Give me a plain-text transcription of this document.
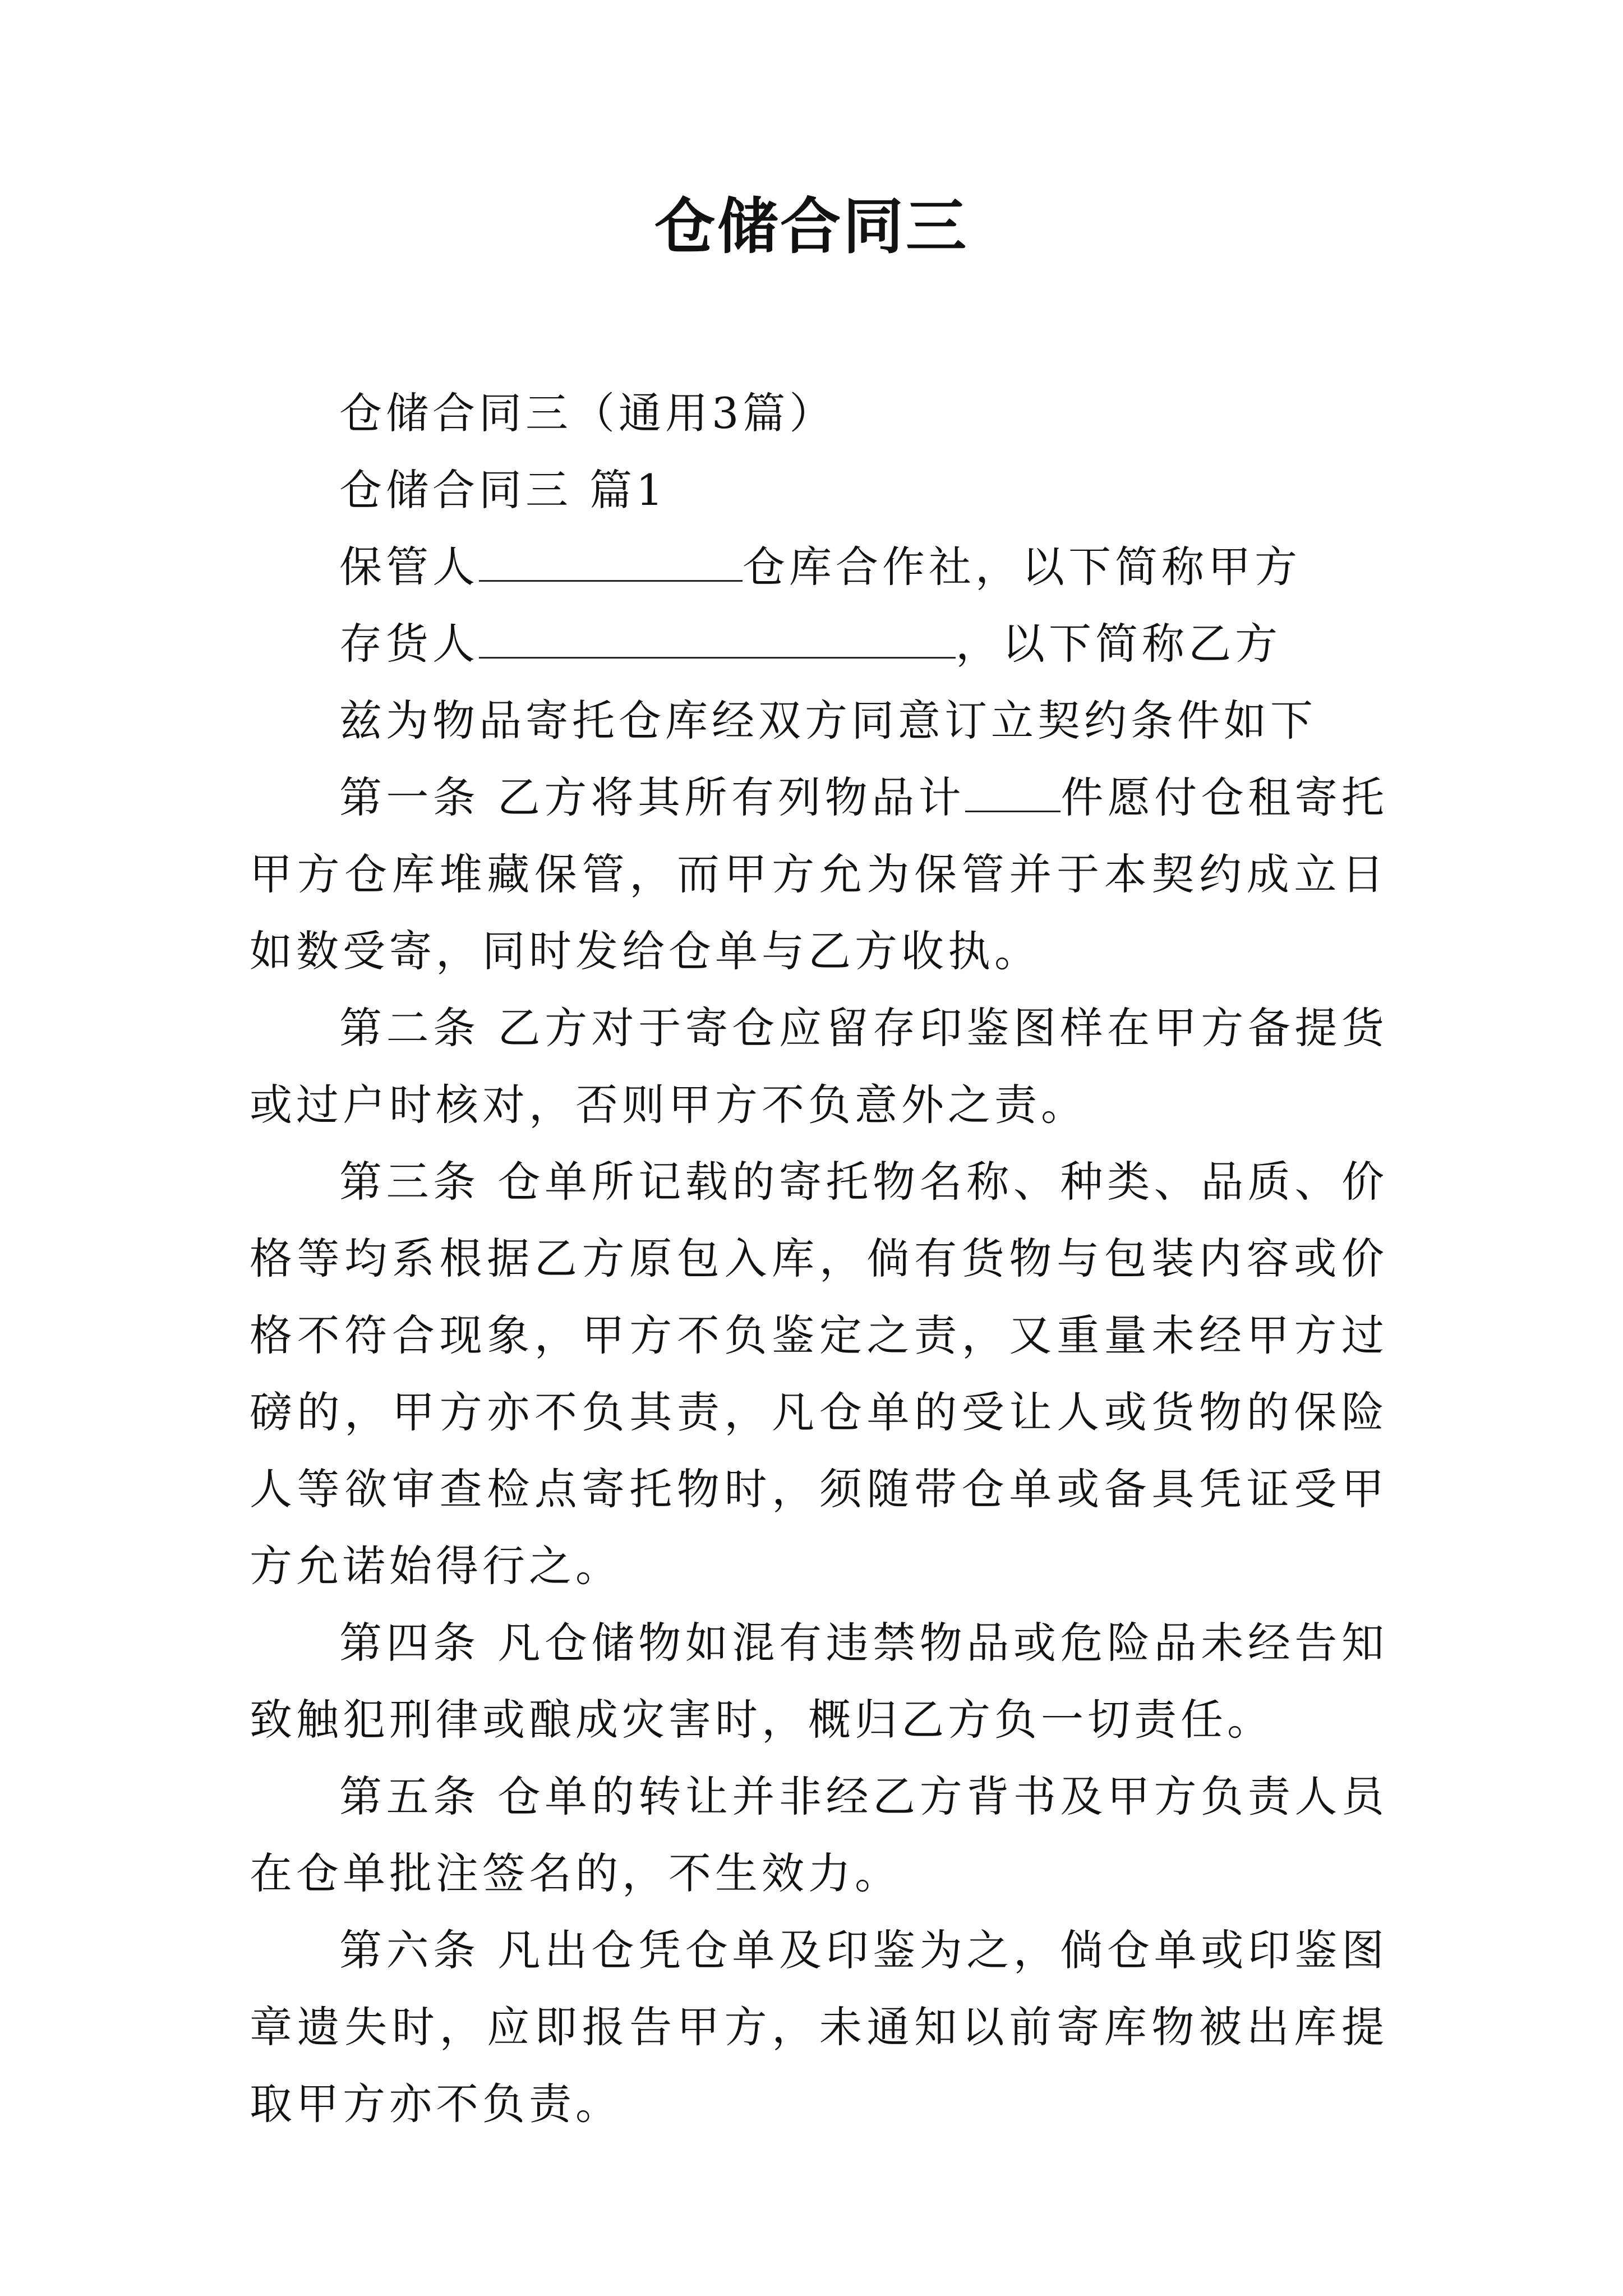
仓储合同三

仓储合同三（通用3篇）

仓储合同三 篇1

保管人	仓库合作社，以下简称甲方

存货人	，以下简称乙方

兹为物品寄托仓库经双方同意订立契约条件如下

第一条 乙方将其所有列物品计 件愿付仓租寄托甲方仓库堆藏保管，而甲方允为保管并于本契约成立日如数受寄，同时发给仓单与乙方收执。

第二条 乙方对于寄仓应留存印鉴图样在甲方备提货或过户时核对，否则甲方不负意外之责。

第三条 仓单所记载的寄托物名称、种类、品质、价格等均系根据乙方原包入库，倘有货物与包装内容或价格不符合现象，甲方不负鉴定之责，又重量未经甲方过磅的，甲方亦不负其责，凡仓单的受让人或货物的保险人等欲审查检点寄托物时，须随带仓单或备具凭证受甲方允诺始得行之。

第四条 凡仓储物如混有违禁物品或危险品未经告知致触犯刑律或酿成灾害时，概归乙方负一切责任。

第五条 仓单的转让并非经乙方背书及甲方负责人员在仓单批注签名的，不生效力。

第六条 凡出仓凭仓单及印鉴为之，倘仓单或印鉴图章遗失时，应即报告甲方，未通知以前寄库物被出库提取甲方亦不负责。
